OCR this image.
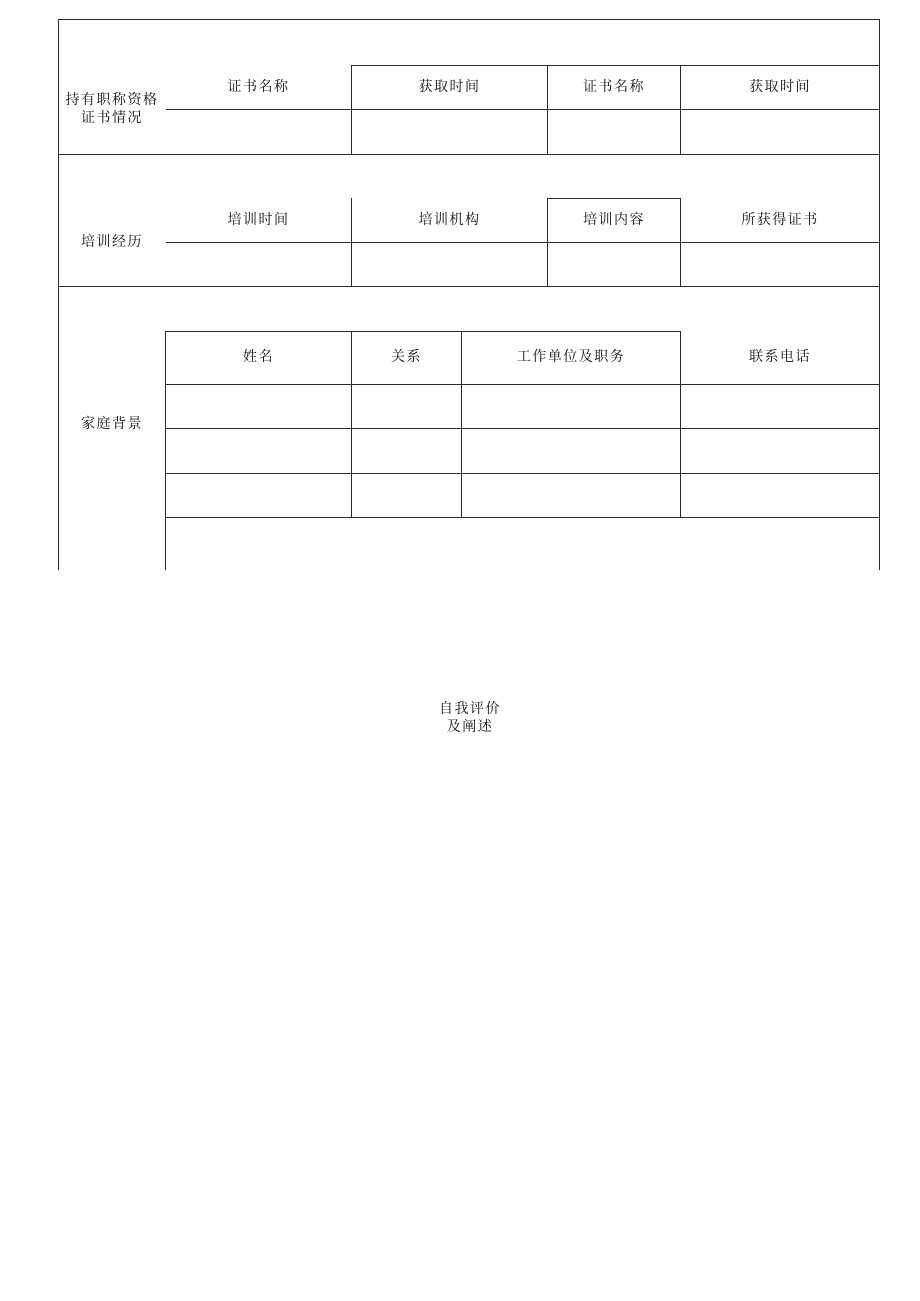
持有职称资格
证书情况
证书名称	获取时间	证书名称	获取时间
培训经历
培训时间	培训机构	培训内容	所获得证书
家庭背景
姓名	关系	工作单位及职务	联系电话
自我评价
及阐述
